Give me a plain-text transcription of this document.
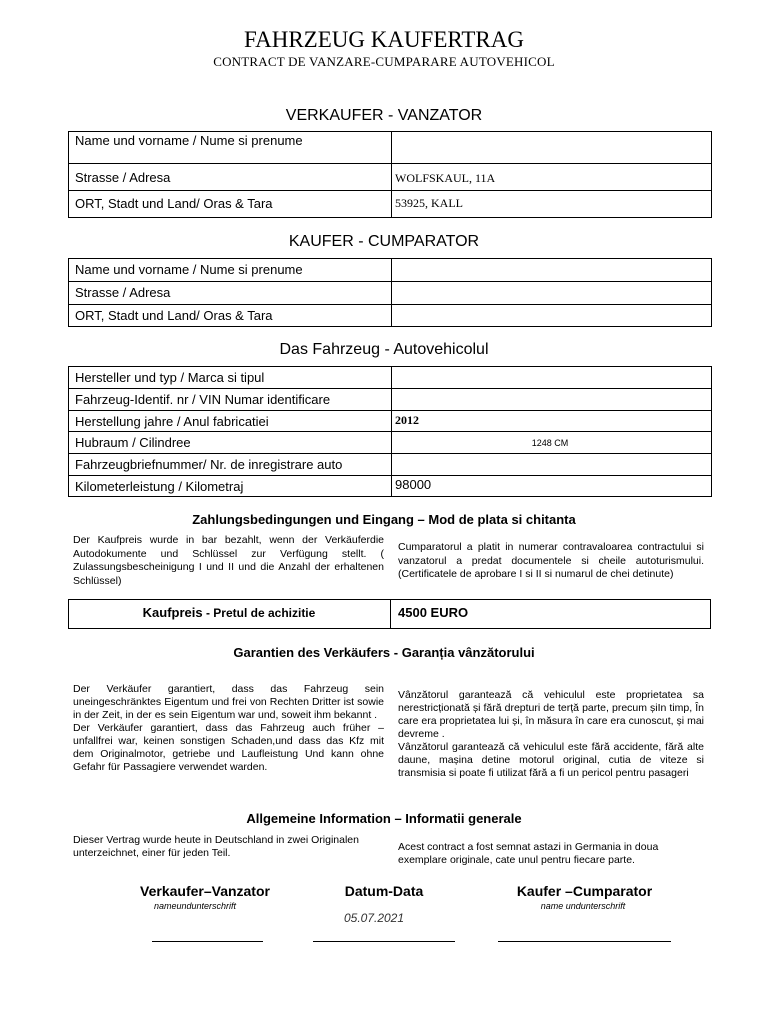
FAHRZEUG KAUFERTRAG
CONTRACT DE VANZARE-CUMPARARE AUTOVEHICOL
VERKAUFER - VANZATOR
Name und vorname / Nume si prenume	
Strasse / Adresa	WOLFSKAUL, 11A
ORT, Stadt und Land/ Oras & Tara	53925, KALL
KAUFER - CUMPARATOR
Name und vorname / Nume si prenume	
Strasse / Adresa	
ORT, Stadt und Land/ Oras & Tara	
Das Fahrzeug - Autovehicolul
Hersteller und typ / Marca si tipul	
Fahrzeug-Identif. nr / VIN Numar identificare	
Herstellung jahre / Anul fabricatiei	2012
Hubraum / Cilindree	1248 CM
Fahrzeugbriefnummer/ Nr. de inregistrare auto	
Kilometerleistung / Kilometraj	98000
Zahlungsbedingungen und Eingang – Mod de plata si chitanta
Der Kaufpreis wurde in bar bezahlt, wenn der Verkäuferdie Autodokumente und Schlüssel zur Verfügung stellt. ( Zulassungsbescheinigung I und II und die Anzahl der erhaltenen Schlüssel)
Cumparatorul a platit in numerar contravaloarea contractului si vanzatorul a predat documentele si cheile autoturismului. (Certificatele de aprobare I si II si numarul de chei detinute)
Kaufpreis - Pretul de achizitie	4500 EURO
Garantien des Verkäufers - Garanția vânzătorului
Der Verkäufer garantiert, dass das Fahrzeug sein uneingeschränktes Eigentum und frei von Rechten Dritter ist sowie in der Zeit, in der es sein Eigentum war und, soweit ihm bekannt .
Der Verkäufer garantiert, dass das Fahrzeug auch früher – unfallfrei war, keinen sonstigen Schaden,und dass das Kfz mit dem Originalmotor, getriebe und Laufleistung Und kann ohne Gefahr für Passagiere verwendet warden.
Vânzătorul garantează că vehiculul este proprietatea sa nerestricționată și fără drepturi de terță parte, precum șiIn timp, În care era proprietatea lui și, în măsura în care era cunoscut, și mai devreme .
Vânzătorul garantează că vehiculul este fără accidente, fără alte daune, mașina detine motorul original, cutia de viteze si transmisia si poate fi utilizat fără a fi un pericol pentru pasageri
Allgemeine Information – Informatii generale
Dieser Vertrag wurde heute in Deutschland in zwei Originalen unterzeichnet, einer für jeden Teil.	Acest contract a fost semnat astazi in Germania in doua exemplare originale, cate unul pentru fiecare parte.
Verkaufer–Vanzator
nameundunterschrift
Datum-Data
05.07.2021
Kaufer –Cumparator
name undunterschrift
